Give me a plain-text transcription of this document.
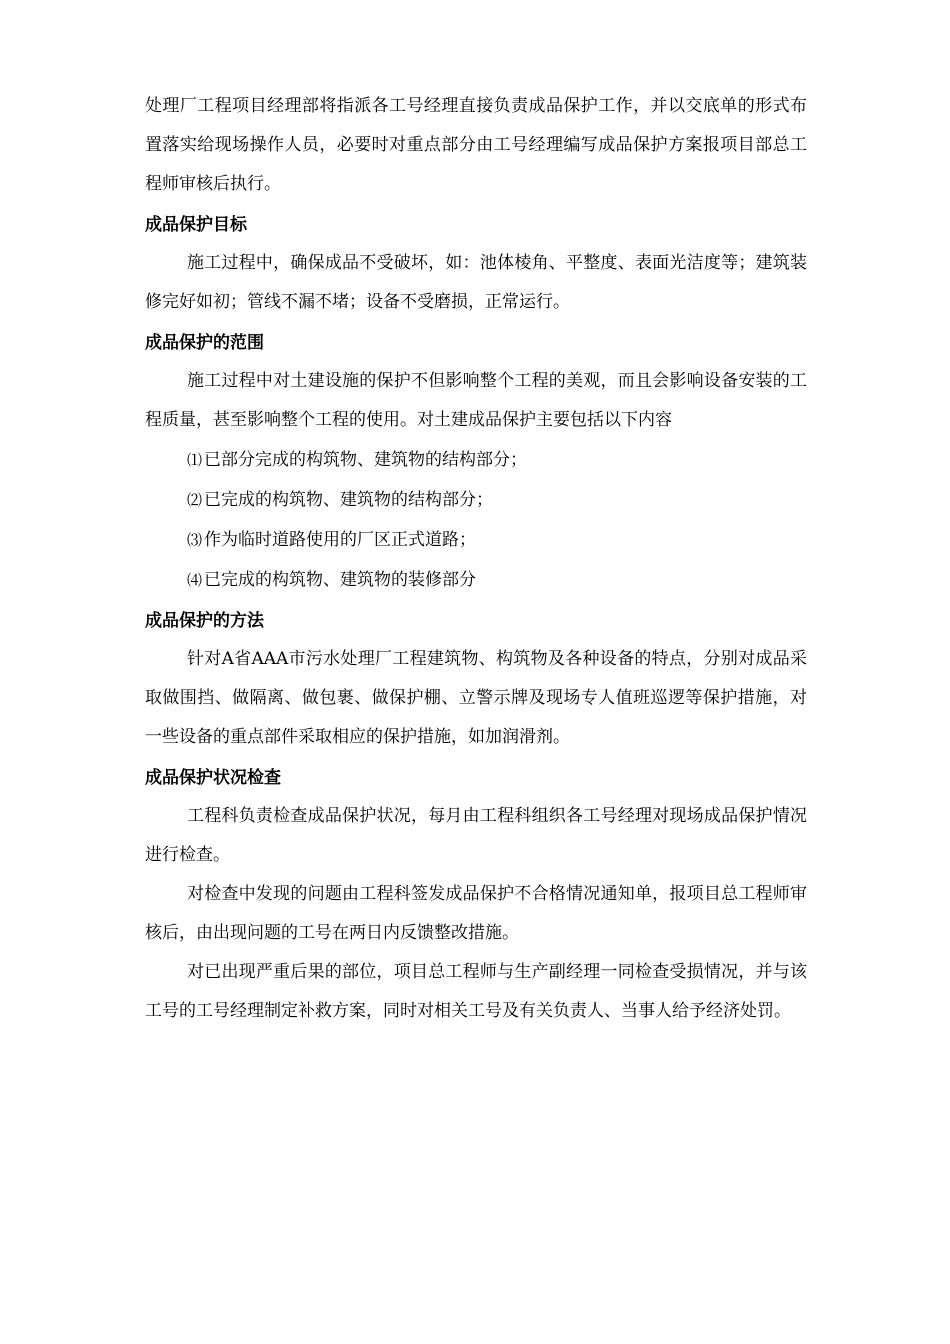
处理厂工程项目经理部将指派各工号经理直接负责成品保护工作，并以交底单的形式布置落实给现场操作人员，必要时对重点部分由工号经理编写成品保护方案报项目部总工程师审核后执行。

成品保护目标

施工过程中，确保成品不受破坏，如：池体棱角、平整度、表面光洁度等；建筑装修完好如初；管线不漏不堵；设备不受磨损，正常运行。

成品保护的范围

施工过程中对土建设施的保护不但影响整个工程的美观，而且会影响设备安装的工程质量，甚至影响整个工程的使用。对土建成品保护主要包括以下内容

⑴ 已部分完成的构筑物、建筑物的结构部分；
⑵ 已完成的构筑物、建筑物的结构部分；
⑶ 作为临时道路使用的厂区正式道路；
⑷ 已完成的构筑物、建筑物的装修部分
成品保护的方法

针对A省AAA市污水处理厂工程建筑物、构筑物及各种设备的特点，分别对成品采取做围挡、做隔离、做包裹、做保护棚、立警示牌及现场专人值班巡逻等保护措施，对一些设备的重点部件采取相应的保护措施，如加润滑剂。

成品保护状况检查

工程科负责检查成品保护状况，每月由工程科组织各工号经理对现场成品保护情况进行检查。

对检查中发现的问题由工程科签发成品保护不合格情况通知单，报项目总工程师审核后，由出现问题的工号在两日内反馈整改措施。

对已出现严重后果的部位，项目总工程师与生产副经理一同检查受损情况，并与该工号的工号经理制定补救方案，同时对相关工号及有关负责人、当事人给予经济处罚。
